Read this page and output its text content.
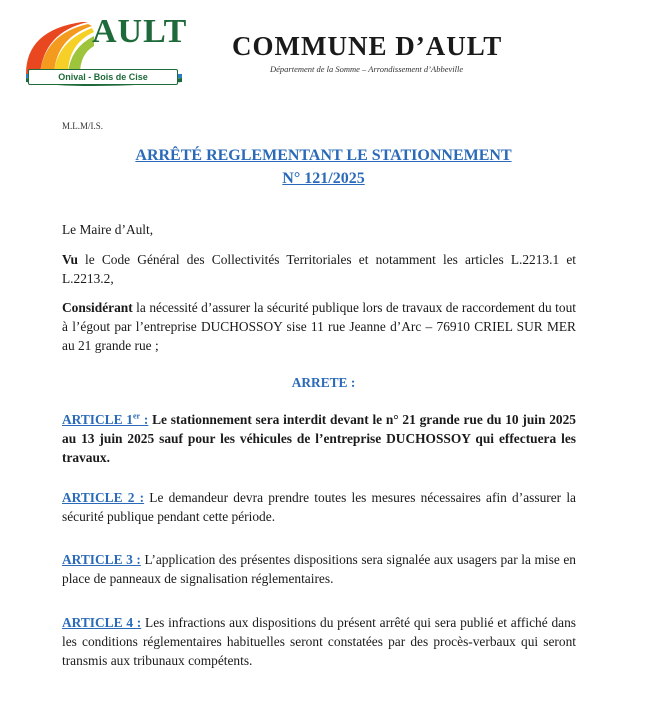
AULT
Onival - Bois de Cise
COMMUNE D’AULT
Département de la Somme – Arrondissement d’Abbeville
M.L.M/I.S.
ARRÊTÉ REGLEMENTANT LE STATIONNEMENT
N° 121/2025
Le Maire d’Ault,
Vu le Code Général des Collectivités Territoriales et notamment les articles L.2213.1 et L.2213.2,
Considérant la nécessité d’assurer la sécurité publique lors de travaux de raccordement du tout à l’égout par l’entreprise DUCHOSSOY sise 11 rue Jeanne d’Arc – 76910 CRIEL SUR MER au 21 grande rue ;
ARRETE :
ARTICLE 1er : Le stationnement sera interdit devant le n° 21 grande rue du 10 juin 2025 au 13 juin 2025 sauf pour les véhicules de l’entreprise DUCHOSSOY qui effectuera les travaux.
ARTICLE 2 : Le demandeur devra prendre toutes les mesures nécessaires afin d’assurer la sécurité publique pendant cette période.
ARTICLE 3 : L’application des présentes dispositions sera signalée aux usagers par la mise en place de panneaux de signalisation réglementaires.
ARTICLE 4 : Les infractions aux dispositions du présent arrêté qui sera publié et affiché dans les conditions réglementaires habituelles seront constatées par des procès-verbaux qui seront transmis aux tribunaux compétents.
